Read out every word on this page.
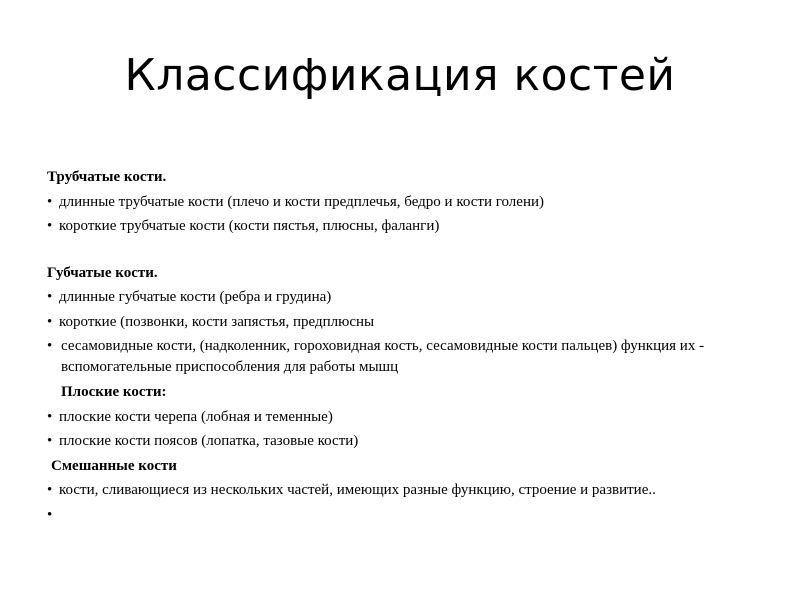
Классификация костей
Трубчатые кости.
• длинные трубчатые кости (плечо и кости предплечья, бедро и кости голени)
• короткие трубчатые кости (кости пястья, плюсны, фаланги)
Губчатые кости.
• длинные губчатые кости (ребра и грудина)
• короткие (позвонки, кости запястья, предплюсны
• сесамовидные кости, (надколенник, гороховидная кость, сесамовидные кости пальцев) функция их - вспомогательные приспособления для работы мышц
Плоские кости:
• плоские кости черепа (лобная и теменные)
• плоские кости поясов (лопатка, тазовые кости)
Смешанные кости
• кости, сливающиеся из нескольких частей, имеющих разные функцию, строение и развитие..
•
